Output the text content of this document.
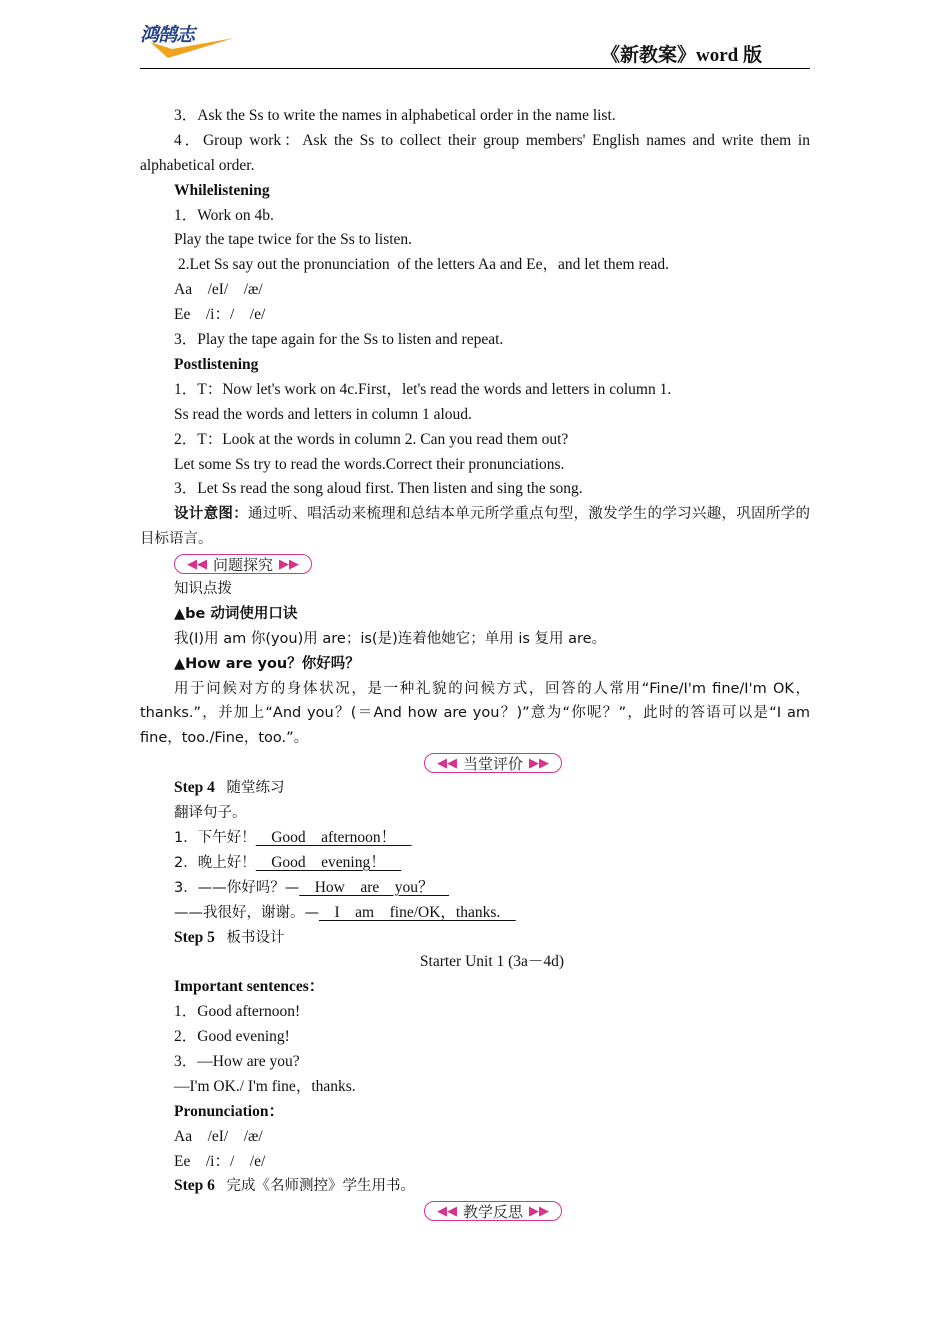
鸿鹄志
《新教案》word 版
3．Ask the Ss to write the names in alphabetical order in the name list.
4．Group work：Ask the Ss to collect their group members' English names and write them in alphabetical order.
Whilelistening
1．Work on 4b.
Play the tape twice for the Ss to listen.
2.Let Ss say out the pronunciation  of the letters Aa and Ee，and let them read.
Aa    /eI/    /æ/
Ee    /i：/    /e/
3．Play the tape again for the Ss to listen and repeat.
Postlistening
1．T：Now let's work on 4c.First，let's read the words and letters in column 1.
Ss read the words and letters in column 1 aloud.
2．T：Look at the words in column 2. Can you read them out?
Let some Ss try to read the words.Correct their pronunciations.
3．Let Ss read the song aloud first. Then listen and sing the song.
设计意图：通过听、唱活动来梳理和总结本单元所学重点句型，激发学生的学习兴趣，巩固所学的目标语言。
◀◀ 问题探究 ▶▶
知识点拨
▲be 动词使用口诀
我(I)用 am 你(you)用 are；is(是)连着他她它；单用 is 复用 are。
▲How are you？你好吗？
用于问候对方的身体状况，是一种礼貌的问候方式，回答的人常用“Fine/I'm fine/I'm OK，thanks.”，并加上“And you？(＝And how are you？)”意为“你呢？”，此时的答语可以是“I am fine，too./Fine，too.”。
◀◀ 当堂评价 ▶▶
Step 4 随堂练习
翻译句子。
1．下午好！    Good    afternoon！
2．晚上好！    Good    evening！
3．——你好吗？—    How    are    you？
——我很好，谢谢。—    I    am    fine/OK，thanks.
Step 5 板书设计
Starter Unit 1 (3a－4d)
Important sentences：
1．Good afternoon!
2．Good evening!
3．—How are you?
—I'm OK./ I'm fine，thanks.
Pronunciation：
Aa    /eI/    /æ/
Ee    /i：/    /e/
Step 6 完成《名师测控》学生用书。
◀◀ 教学反思 ▶▶
